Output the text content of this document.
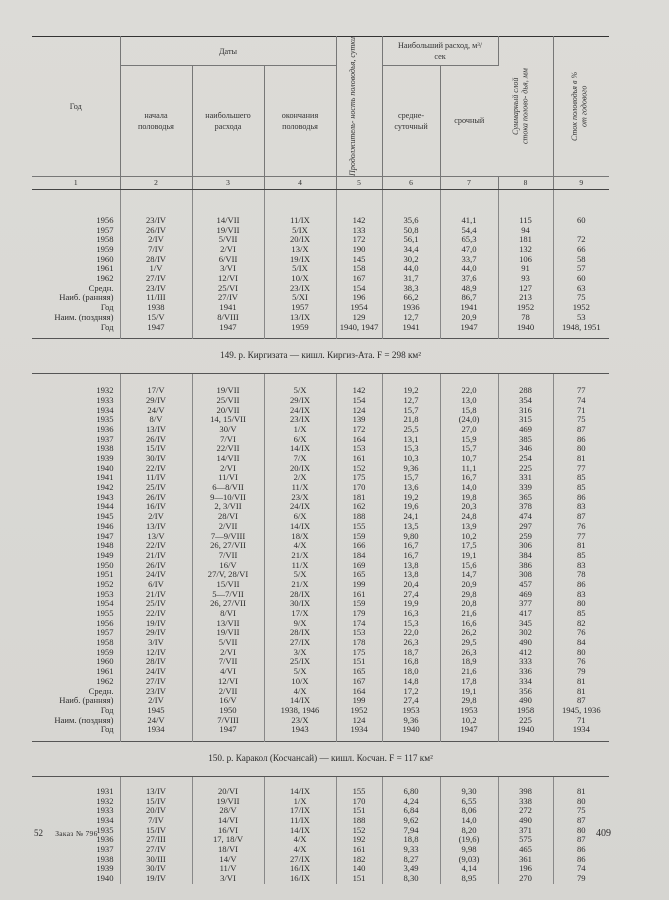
Год	Даты			Продолжитель- ность половодья, сутки	Наибольший расход, м³/сек		Суммарный слой стока полово- дья, мм	Сток половодья в % от годового

	начала половодья	наибольшего расхода	окончания половодья		средне- суточный	срочный		
1	2	3	4	5	6	7	8	9

1956	23/IV	14/VII	11/IX	142	35,6	41,1	115	60
1957	26/IV	19/VII	5/IX	133	50,8	54,4	94	
1958	2/IV	5/VII	20/IX	172	56,1	65,3	181	72
1959	7/IV	2/VI	13/X	190	34,4	47,0	132	66
1960	28/IV	6/VII	19/IX	145	30,2	33,7	106	58
1961	1/V	3/VI	5/IX	158	44,0	44,0	91	57
1962	27/IV	12/VI	10/X	167	31,7	37,6	93	60
Средн.	23/IV	25/VI	23/IX	154	38,3	48,9	127	63
Наиб. (ранняя)	11/III	27/IV	5/XI	196	66,2	86,7	213	75
Год	1938	1941	1957	1954	1936	1941	1952	1952
Наим. (поздняя)	15/V	8/VIII	13/IX	129	12,7	20,9	78	53
Год	1947	1947	1959	1940, 1947	1941	1947	1940	1948, 1951

149. р. Киргизата — кишл. Киргиз-Ата. F = 298 км²								

1932	17/V	19/VII	5/X	142	19,2	22,0	288	77
1933	29/IV	25/VII	29/IX	154	12,7	13,0	354	74
1934	24/V	20/VII	24/IX	124	15,7	15,8	316	71
1935	8/V	14, 15/VII	23/IX	139	21,8	(24,0)	315	75
1936	13/IV	30/V	1/X	172	25,5	27,0	469	87
1937	26/IV	7/VI	6/X	164	13,1	15,9	385	86
1938	15/IV	22/VII	14/IX	153	15,3	15,7	346	80
1939	30/IV	14/VII	7/X	161	10,3	10,7	254	81
1940	22/IV	2/VI	20/IX	152	9,36	11,1	225	77
1941	11/IV	11/VI	2/X	175	15,7	16,7	331	85
1942	25/IV	6—8/VII	11/X	170	13,6	14,0	339	85
1943	26/IV	9—10/VII	23/X	181	19,2	19,8	365	86
1944	16/IV	2, 3/VII	24/IX	162	19,6	20,3	378	83
1945	2/IV	28/VI	6/X	188	24,1	24,8	474	87
1946	13/IV	2/VII	14/IX	155	13,5	13,9	297	76
1947	13/V	7—9/VIII	18/X	159	9,80	10,2	259	77
1948	22/IV	26, 27/VII	4/X	166	16,7	17,5	306	81
1949	21/IV	7/VII	21/X	184	16,7	19,1	384	85
1950	26/IV	16/V	11/X	169	13,8	15,6	386	83
1951	24/IV	27/V, 28/VI	5/X	165	13,8	14,7	308	78
1952	6/IV	15/VII	21/X	199	20,4	20,9	457	86
1953	21/IV	5—7/VII	28/IX	161	27,4	29,8	469	83
1954	25/IV	26, 27/VII	30/IX	159	19,9	20,8	377	80
1955	22/IV	8/VI	17/X	179	16,3	21,6	417	85
1956	19/IV	13/VII	9/X	174	15,3	16,6	345	82
1957	29/IV	19/VII	28/IX	153	22,0	26,2	302	76
1958	3/IV	5/VII	27/IX	178	26,3	29,5	490	84
1959	12/IV	2/VI	3/X	175	18,7	26,3	412	80
1960	28/IV	7/VII	25/IX	151	16,8	18,9	333	76
1961	24/IV	4/VI	5/X	165	18,0	21,6	336	79
1962	27/IV	12/VI	10/X	167	14,8	17,8	334	81
Средн.	23/IV	2/VII	4/X	164	17,2	19,1	356	81
Наиб. (ранняя)	2/IV	16/V	14/IX	199	27,4	29,8	490	87
Год	1945	1950	1938, 1946	1952	1953	1953	1958	1945, 1936
Наим. (поздняя)	24/V	7/VIII	23/X	124	9,36	10,2	225	71
Год	1934	1947	1943	1934	1940	1947	1940	1934

150. р. Каракол (Косчансай) — кишл. Косчан. F = 117 км²								

1931	13/IV	20/VI	14/IX	155	6,80	9,30	398	81
1932	15/IV	19/VII	1/X	170	4,24	6,55	338	80
1933	20/IV	28/V	17/IX	151	6,84	8,06	272	75
1934	7/IV	14/VI	11/IX	188	9,62	14,0	490	87
1935	15/IV	16/VI	14/IX	152	7,94	8,20	371	80
1936	27/III	17, 18/V	4/X	192	18,8	(19,6)	575	87
1937	27/IV	18/VI	4/X	161	9,33	9,98	465	86
1938	30/III	14/V	27/IX	182	8,27	(9,03)	361	86
1939	30/IV	11/V	16/IX	140	3,49	4,14	196	74
1940	19/IV	3/VI	16/IX	151	8,30	8,95	270	79
52 Заказ № 796	409
